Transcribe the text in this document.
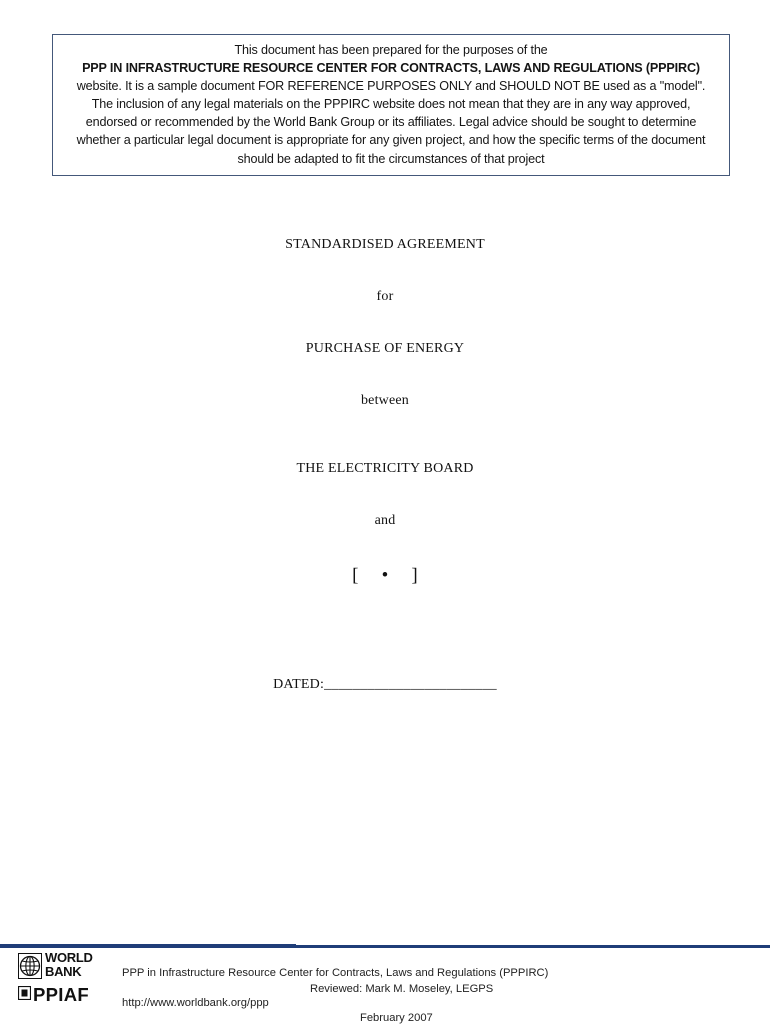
This document has been prepared for the purposes of the
PPP IN INFRASTRUCTURE RESOURCE CENTER FOR CONTRACTS, LAWS AND REGULATIONS (PPPIRC)
website. It is a sample document FOR REFERENCE PURPOSES ONLY and SHOULD NOT BE used as a "model".
The inclusion of any legal materials on the PPPIRC website does not mean that they are in any way approved,
endorsed or recommended by the World Bank Group or its affiliates. Legal advice should be sought to determine
whether a particular legal document is appropriate for any given project, and how the specific terms of the document
should be adapted to fit the circumstances of that project
STANDARDISED AGREEMENT
for
PURCHASE OF ENERGY
between
THE ELECTRICITY BOARD
and
[ • ]
DATED:________________________
WORLD
BANK
PPIAF
PPP in Infrastructure Resource Center for Contracts, Laws and Regulations (PPPIRC)
Reviewed: Mark M. Moseley, LEGPS
http://www.worldbank.org/ppp
February 2007
